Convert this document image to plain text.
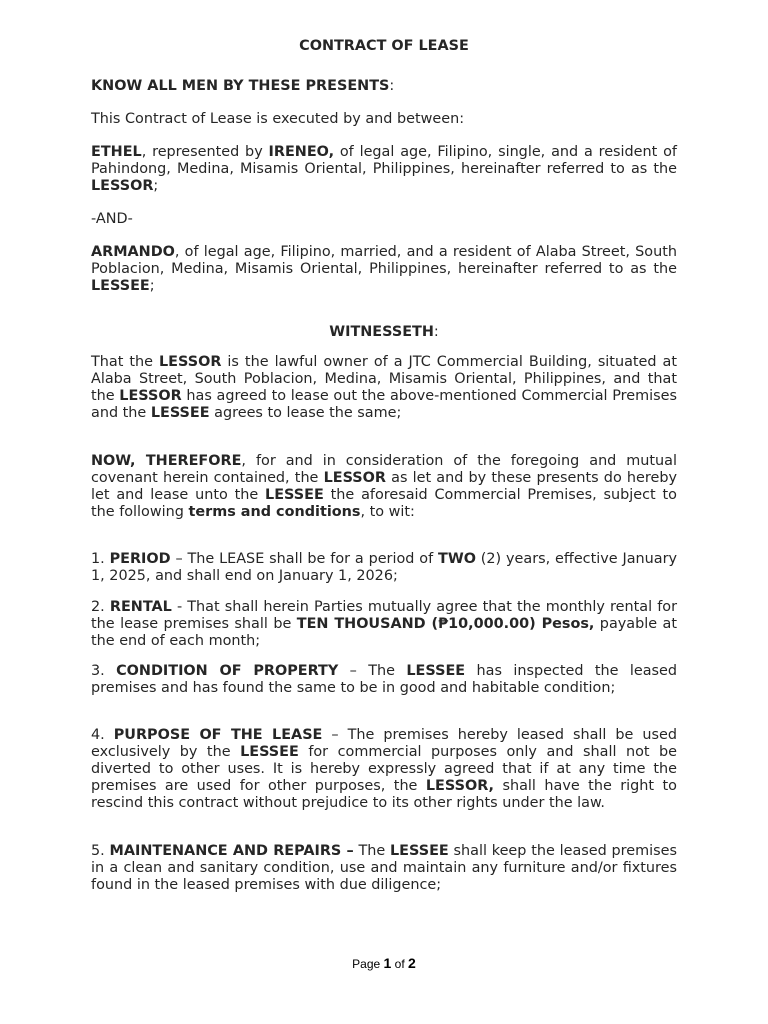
CONTRACT OF LEASE

KNOW ALL MEN BY THESE PRESENTS:

This Contract of Lease is executed by and between:

ETHEL, represented by IRENEO, of legal age, Filipino, single, and a resident of Pahindong, Medina, Misamis Oriental, Philippines, hereinafter referred to as the LESSOR;

-AND-

ARMANDO, of legal age, Filipino, married, and a resident of Alaba Street, South Poblacion, Medina, Misamis Oriental, Philippines, hereinafter referred to as the LESSEE;

WITNESSETH:

That the LESSOR is the lawful owner of a JTC Commercial Building, situated at Alaba Street, South Poblacion, Medina, Misamis Oriental, Philippines, and that the LESSOR has agreed to lease out the above-mentioned Commercial Premises and the LESSEE agrees to lease the same;

NOW, THEREFORE, for and in consideration of the foregoing and mutual covenant herein contained, the LESSOR as let and by these presents do hereby let and lease unto the LESSEE the aforesaid Commercial Premises, subject to the following terms and conditions, to wit:

1. PERIOD – The LEASE shall be for a period of TWO (2) years, effective January 1, 2025, and shall end on January 1, 2026;

2. RENTAL - That shall herein Parties mutually agree that the monthly rental for the lease premises shall be TEN THOUSAND (₱10,000.00) Pesos, payable at the end of each month;

3. CONDITION OF PROPERTY – The LESSEE has inspected the leased premises and has found the same to be in good and habitable condition;

4. PURPOSE OF THE LEASE – The premises hereby leased shall be used exclusively by the LESSEE for commercial purposes only and shall not be diverted to other uses. It is hereby expressly agreed that if at any time the premises are used for other purposes, the LESSOR, shall have the right to rescind this contract without prejudice to its other rights under the law.

5. MAINTENANCE AND REPAIRS – The LESSEE shall keep the leased premises in a clean and sanitary condition, use and maintain any furniture and/or fixtures found in the leased premises with due diligence;

Page 1 of 2
